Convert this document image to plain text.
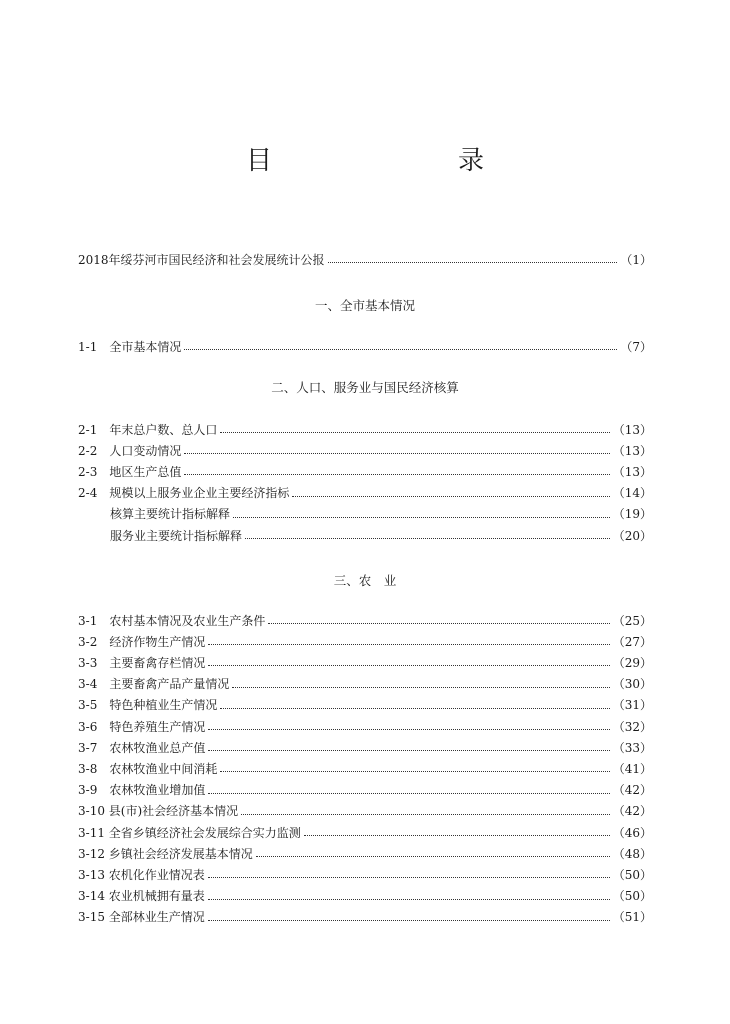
目　录
2018年绥芬河市国民经济和社会发展统计公报	（1）
一、全市基本情况
1-1　全市基本情况	（7）
二、人口、服务业与国民经济核算
2-1　年末总户数、总人口	（13）
2-2　人口变动情况	（13）
2-3　地区生产总值	（13）
2-4　规模以上服务业企业主要经济指标	（14）
核算主要统计指标解释	（19）
服务业主要统计指标解释	（20）
三、农　业
3-1　农村基本情况及农业生产条件	（25）
3-2　经济作物生产情况	（27）
3-3　主要畜禽存栏情况	（29）
3-4　主要畜禽产品产量情况	（30）
3-5　特色种植业生产情况	（31）
3-6　特色养殖生产情况	（32）
3-7　农林牧渔业总产值	（33）
3-8　农林牧渔业中间消耗	（41）
3-9　农林牧渔业增加值	（42）
3-10 县(市)社会经济基本情况	（42）
3-11 全省乡镇经济社会发展综合实力监测	（46）
3-12 乡镇社会经济发展基本情况	（48）
3-13 农机化作业情况表	（50）
3-14 农业机械拥有量表	（50）
3-15 全部林业生产情况	（51）
